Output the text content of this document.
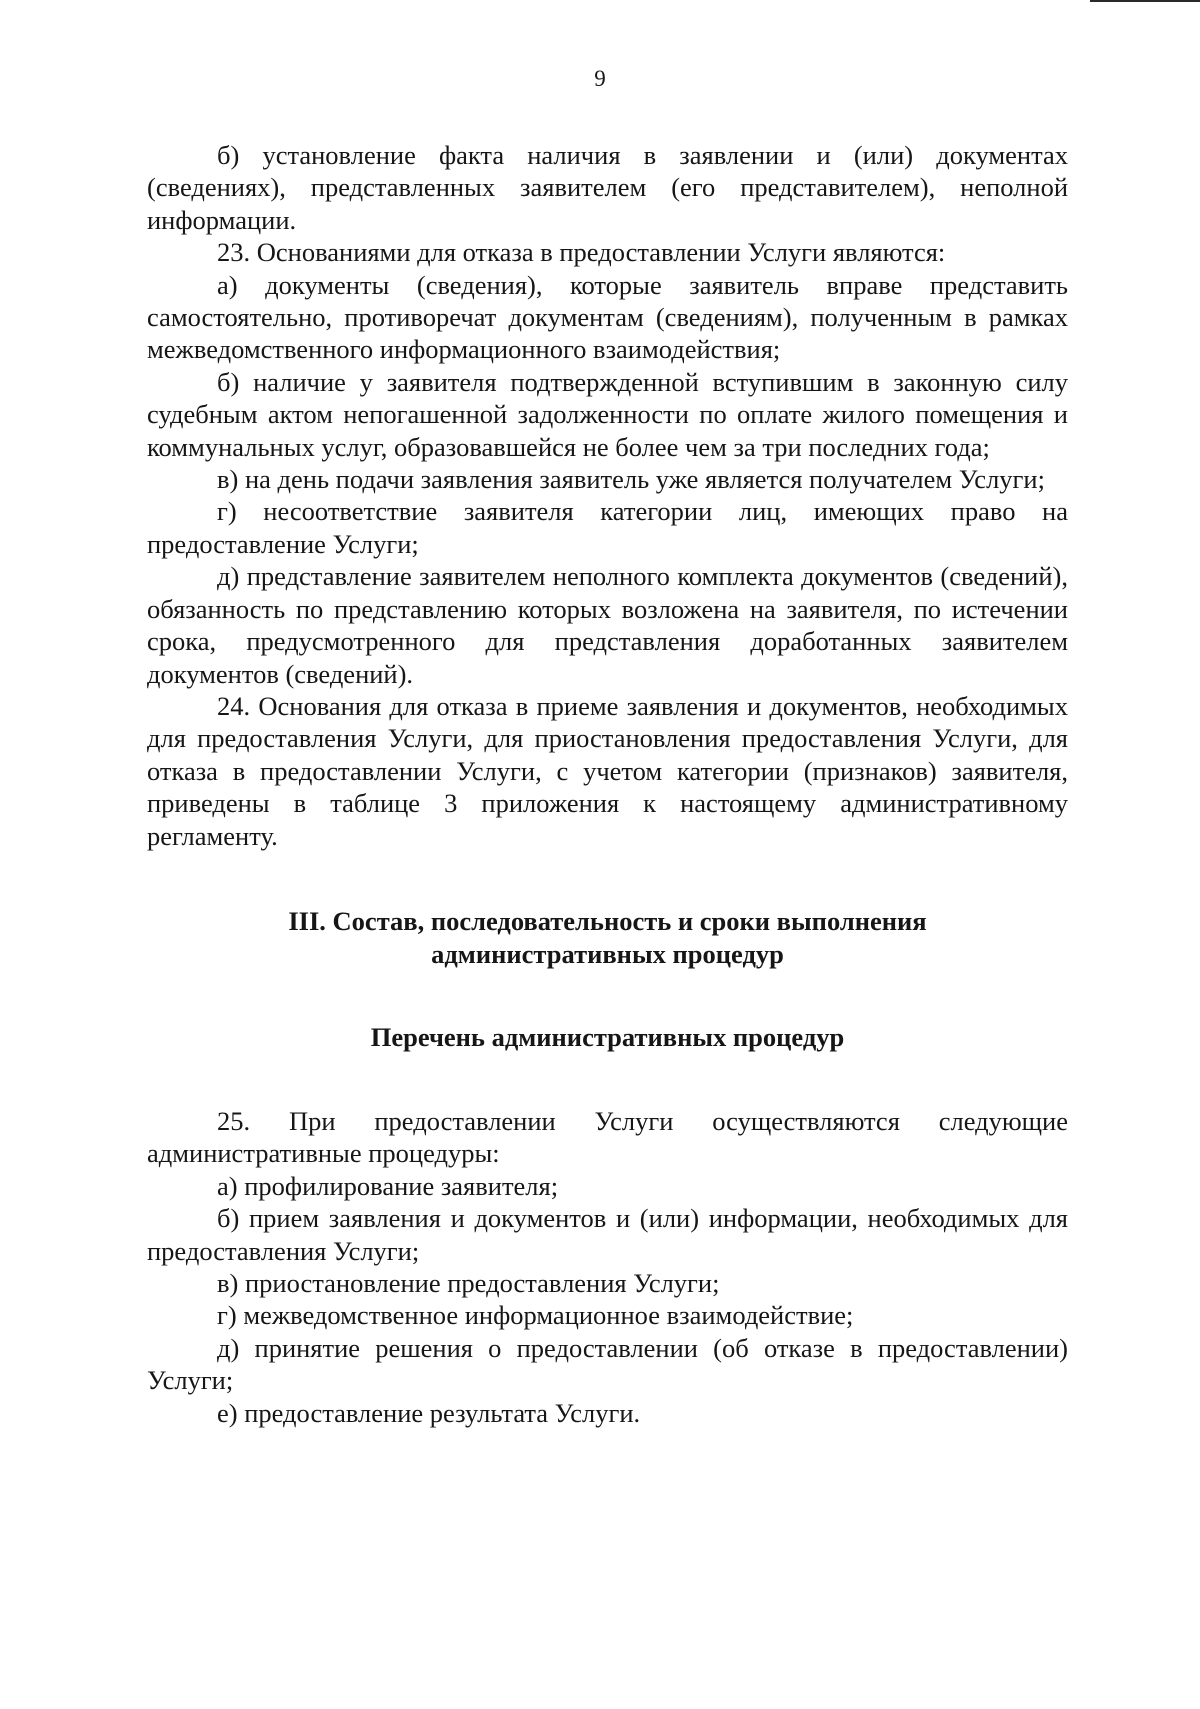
9

б) установление факта наличия в заявлении и (или) документах (сведениях), представленных заявителем (его представителем), неполной информации.

23. Основаниями для отказа в предоставлении Услуги являются:

а) документы (сведения), которые заявитель вправе представить самостоятельно, противоречат документам (сведениям), полученным в рамках межведомственного информационного взаимодействия;

б) наличие у заявителя подтвержденной вступившим в законную силу судебным актом непогашенной задолженности по оплате жилого помещения и коммунальных услуг, образовавшейся не более чем за три последних года;

в) на день подачи заявления заявитель уже является получателем Услуги;

г) несоответствие заявителя категории лиц, имеющих право на предоставление Услуги;

д) представление заявителем неполного комплекта документов (сведений), обязанность по представлению которых возложена на заявителя, по истечении срока, предусмотренного для представления доработанных заявителем документов (сведений).

24. Основания для отказа в приеме заявления и документов, необходимых для предоставления Услуги, для приостановления предоставления Услуги, для отказа в предоставлении Услуги, с учетом категории (признаков) заявителя, приведены в таблице 3 приложения к настоящему административному регламенту.

III. Состав, последовательность и сроки выполнения
административных процедур
Перечень административных процедур

25. При предоставлении Услуги осуществляются следующие административные процедуры:

а) профилирование заявителя;

б) прием заявления и документов и (или) информации, необходимых для предоставления Услуги;

в) приостановление предоставления Услуги;

г) межведомственное информационное взаимодействие;

д) принятие решения о предоставлении (об отказе в предоставлении) Услуги;

е) предоставление результата Услуги.
